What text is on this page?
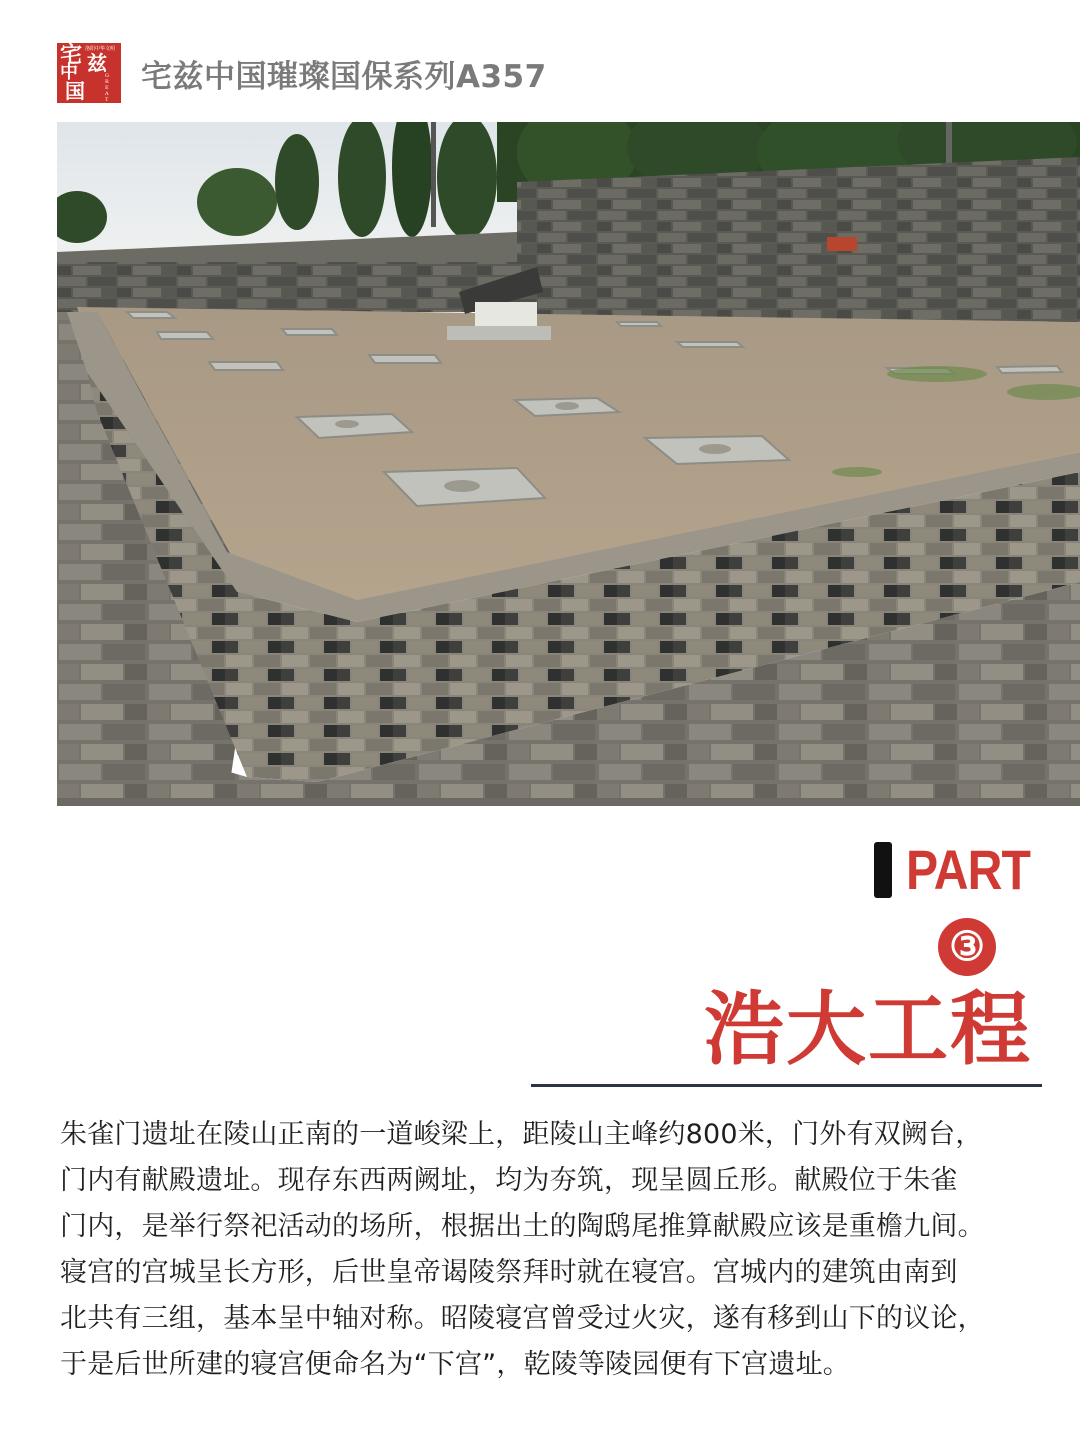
宅 洛阳中华文明
兹
中
国
GREAT CHI
宅兹中国璀璨国保系列A357
PART
③
浩大工程

朱雀门遗址在陵山正南的一道峻梁上，距陵山主峰约800米，门外有双阙台，

门内有献殿遗址。现存东西两阙址，均为夯筑，现呈圆丘形。献殿位于朱雀

门内，是举行祭祀活动的场所，根据出土的陶鸱尾推算献殿应该是重檐九间。

寝宫的宫城呈长方形，后世皇帝谒陵祭拜时就在寝宫。宫城内的建筑由南到

北共有三组，基本呈中轴对称。昭陵寝宫曾受过火灾，遂有移到山下的议论，

于是后世所建的寝宫便命名为“下宫”，乾陵等陵园便有下宫遗址。
